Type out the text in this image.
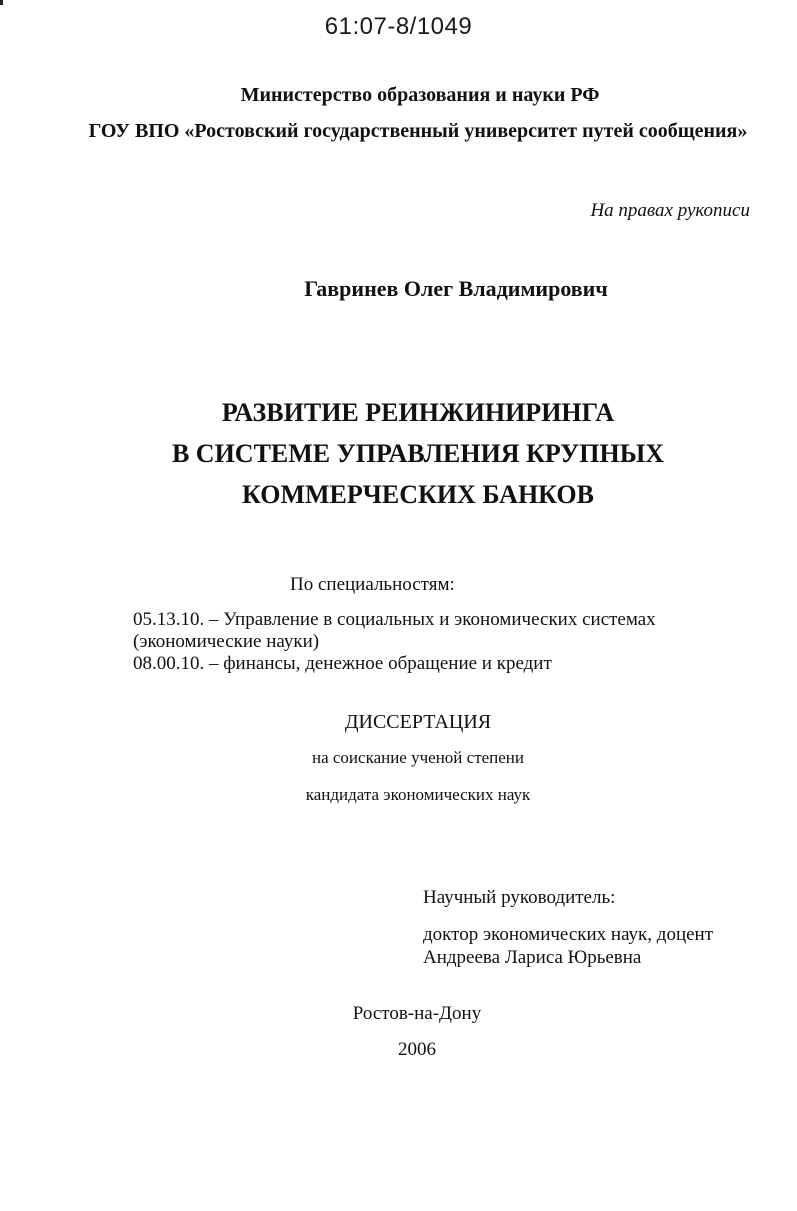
61:07-8/1049
Министерство образования и науки РФ
ГОУ ВПО «Ростовский государственный университет путей сообщения»
На правах рукописи
Гавринев Олег Владимирович
РАЗВИТИЕ РЕИНЖИНИРИНГА
В СИСТЕМЕ УПРАВЛЕНИЯ КРУПНЫХ
КОММЕРЧЕСКИХ БАНКОВ
По специальностям:
05.13.10. – Управление в социальных и экономических системах
(экономические науки)
08.00.10. – финансы, денежное обращение и кредит
ДИССЕРТАЦИЯ
на соискание ученой степени
кандидата экономических наук
Научный руководитель:
доктор экономических наук, доцент
Андреева Лариса Юрьевна
Ростов-на-Дону
2006
